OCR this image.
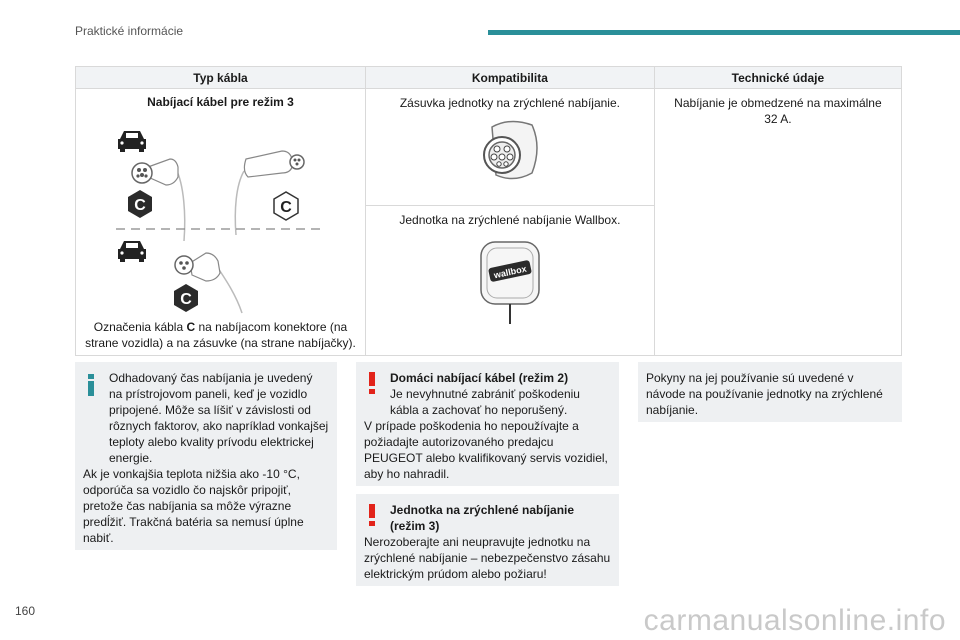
Praktické informácie
Typ kábla	Kompatibilita	Technické údaje

Nabíjací kábel pre režim 3
C C
C
Označenia kábla C na nabíjacom konektore (na strane vozidla) a na zásuvke (na strane nabíjačky).	Zásuvka jednotky na zrýchlené nabíjanie.	Nabíjanie je obmedzené na maximálne 32 A.

	Jednotka na zrýchlené nabíjanie Wallbox.
wallbox	

Odhadovaný čas nabíjania je uvedený na prístrojovom paneli, keď je vozidlo pripojené. Môže sa líšiť v závislosti od rôznych faktorov, ako napríklad vonkajšej teploty alebo kvality prívodu elektrickej energie.

Ak je vonkajšia teplota nižšia ako -10 °C, odporúča sa vozidlo čo najskôr pripojiť, pretože čas nabíjania sa môže výrazne predĺžiť. Trakčná batéria sa nemusí úplne nabiť.

Domáci nabíjací kábel (režim 2)

Je nevyhnutné zabrániť poškodeniu kábla a zachovať ho neporušený.

V prípade poškodenia ho nepoužívajte a požiadajte autorizovaného predajcu PEUGEOT alebo kvalifikovaný servis vozidiel, aby ho nahradil.

Jednotka na zrýchlené nabíjanie (režim 3)

Nerozoberajte ani neupravujte jednotku na zrýchlené nabíjanie – nebezpečenstvo zásahu elektrickým prúdom alebo požiaru!

Pokyny na jej používanie sú uvedené v návode na používanie jednotky na zrýchlené nabíjanie.

160	carmanualsonline.info
